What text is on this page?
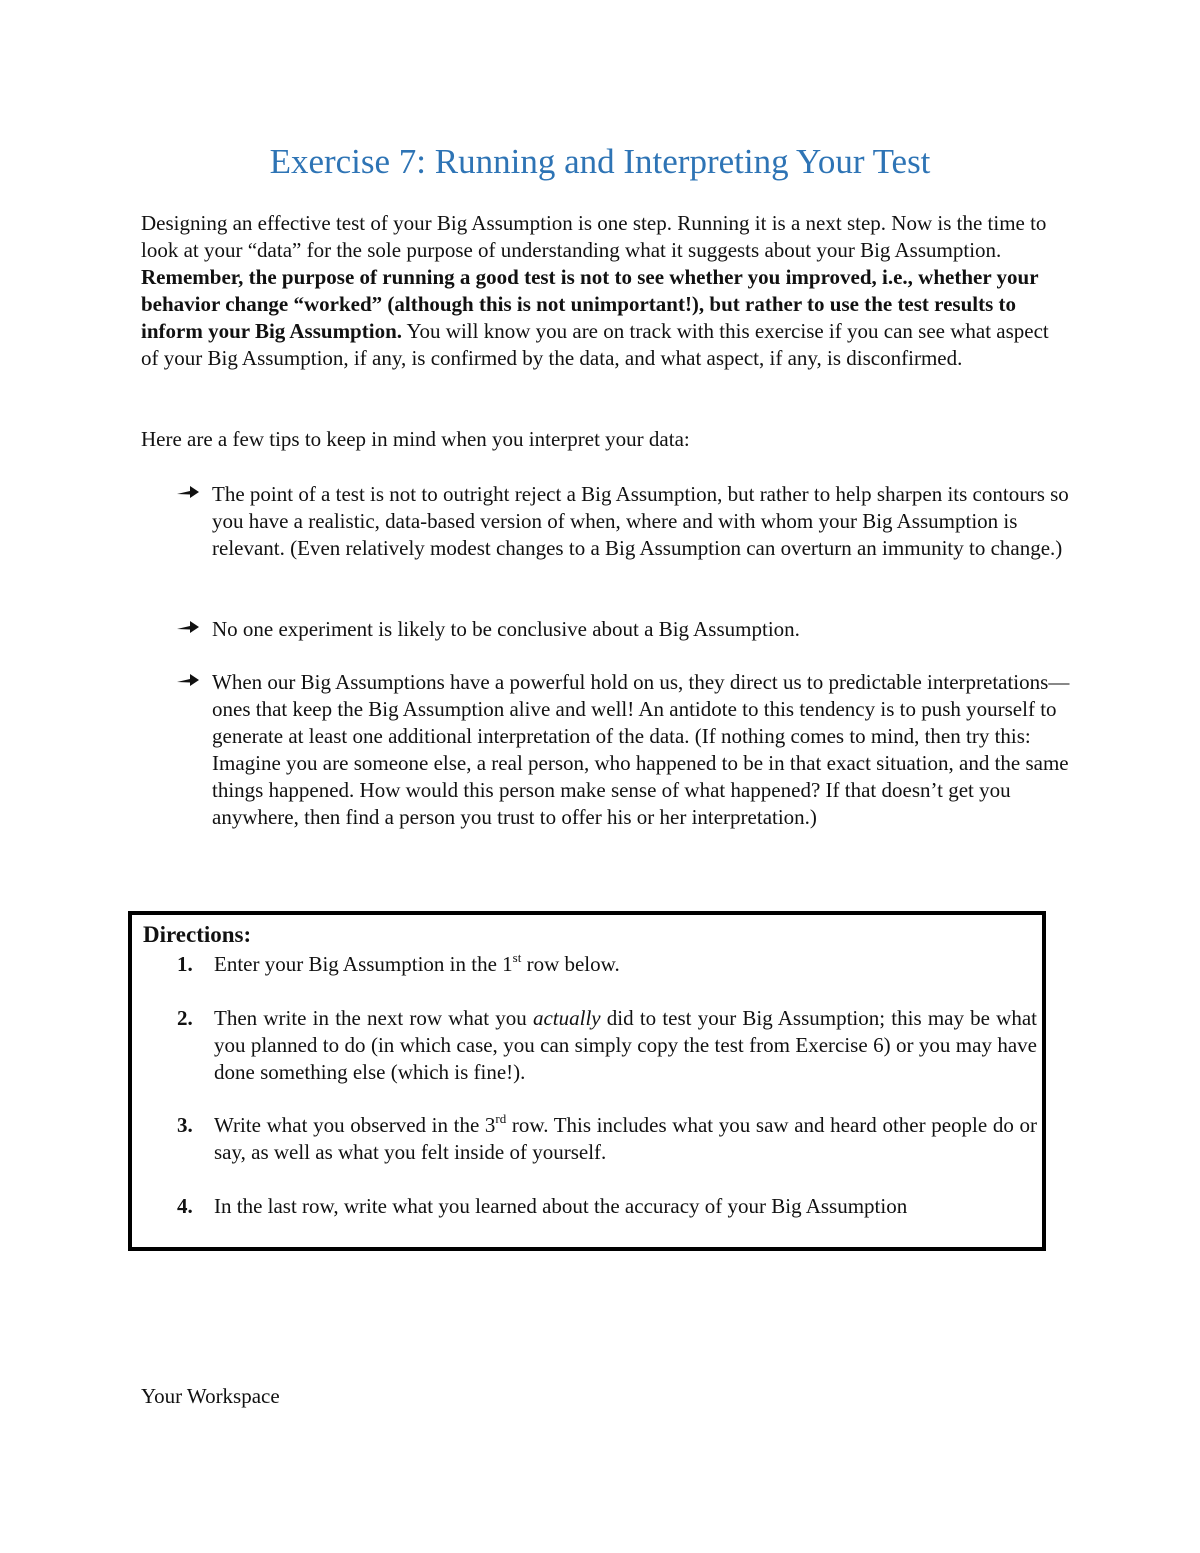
Exercise 7: Running and Interpreting Your Test

Designing an effective test of your Big Assumption is one step. Running it is a next step. Now is the time to look at your “data” for the sole purpose of understanding what it suggests about your Big Assumption. Remember, the purpose of running a good test is not to see whether you improved, i.e., whether your behavior change “worked” (although this is not unimportant!), but rather to use the test results to inform your Big Assumption. You will know you are on track with this exercise if you can see what aspect of your Big Assumption, if any, is confirmed by the data, and what aspect, if any, is disconfirmed.

Here are a few tips to keep in mind when you interpret your data:

The point of a test is not to outright reject a Big Assumption, but rather to help sharpen its contours so you have a realistic, data-based version of when, where and with whom your Big Assumption is relevant. (Even relatively modest changes to a Big Assumption can overturn an immunity to change.)
No one experiment is likely to be conclusive about a Big Assumption.
When our Big Assumptions have a powerful hold on us, they direct us to predictable interpretations—ones that keep the Big Assumption alive and well! An antidote to this tendency is to push yourself to generate at least one additional interpretation of the data. (If nothing comes to mind, then try this: Imagine you are someone else, a real person, who happened to be in that exact situation, and the same things happened. How would this person make sense of what happened? If that doesn’t get you anywhere, then find a person you trust to offer his or her interpretation.)
Directions:
1. Enter your Big Assumption in the 1st row below.
2. Then write in the next row what you actually did to test your Big Assumption; this may be what you planned to do (in which case, you can simply copy the test from Exercise 6) or you may have done something else (which is fine!).
3. Write what you observed in the 3rd row. This includes what you saw and heard other people do or say, as well as what you felt inside of yourself.
4. In the last row, write what you learned about the accuracy of your Big Assumption
Your Workspace
